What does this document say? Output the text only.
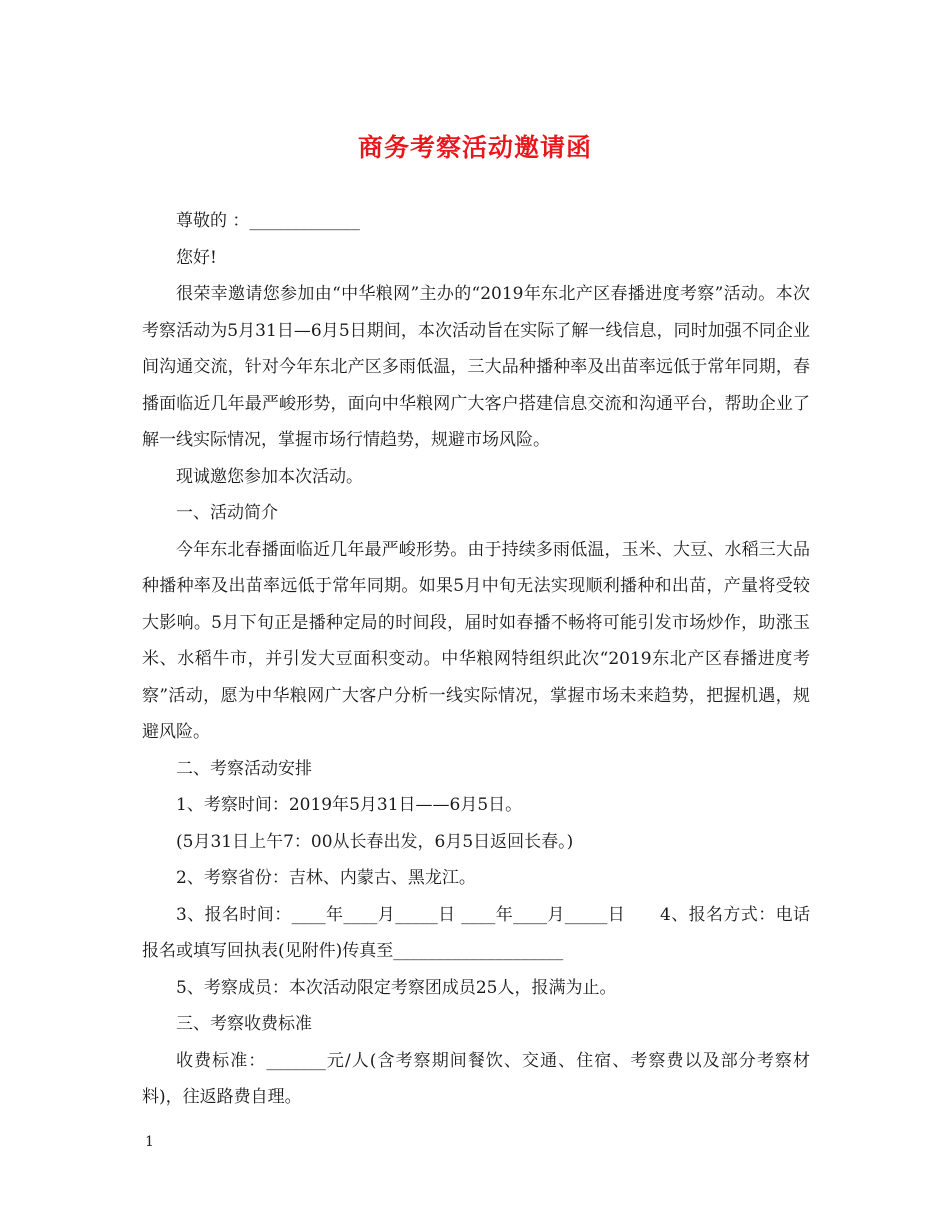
商务考察活动邀请函

尊敬的 ：_____________

您好!

很荣幸邀请您参加由“中华粮网”主办的“2019年东北产区春播进度考察”活动。本次考察活动为5月31日—6月5日期间，本次活动旨在实际了解一线信息，同时加强不同企业间沟通交流，针对今年东北产区多雨低温，三大品种播种率及出苗率远低于常年同期，春播面临近几年最严峻形势，面向中华粮网广大客户搭建信息交流和沟通平台，帮助企业了解一线实际情况，掌握市场行情趋势，规避市场风险。

现诚邀您参加本次活动。

一、活动简介

今年东北春播面临近几年最严峻形势。由于持续多雨低温，玉米、大豆、水稻三大品种播种率及出苗率远低于常年同期。如果5月中旬无法实现顺利播种和出苗，产量将受较大影响。5月下旬正是播种定局的时间段，届时如春播不畅将可能引发市场炒作，助涨玉米、水稻牛市，并引发大豆面积变动。中华粮网特组织此次“2019东北产区春播进度考察”活动，愿为中华粮网广大客户分析一线实际情况，掌握市场未来趋势，把握机遇，规避风险。

二、考察活动安排

1、考察时间：2019年5月31日——6月5日。

(5月31日上午7：00从长春出发，6月5日返回长春。)

2、考察省份：吉林、内蒙古、黑龙江。

3、报名时间：____年____月_____日 ____年____月_____日　　4、报名方式：电话报名或填写回执表(见附件)传真至____________________

5、考察成员：本次活动限定考察团成员25人，报满为止。

三、考察收费标准

收费标准：_______元/人(含考察期间餐饮、交通、住宿、考察费以及部分考察材料)，往返路费自理。

1
